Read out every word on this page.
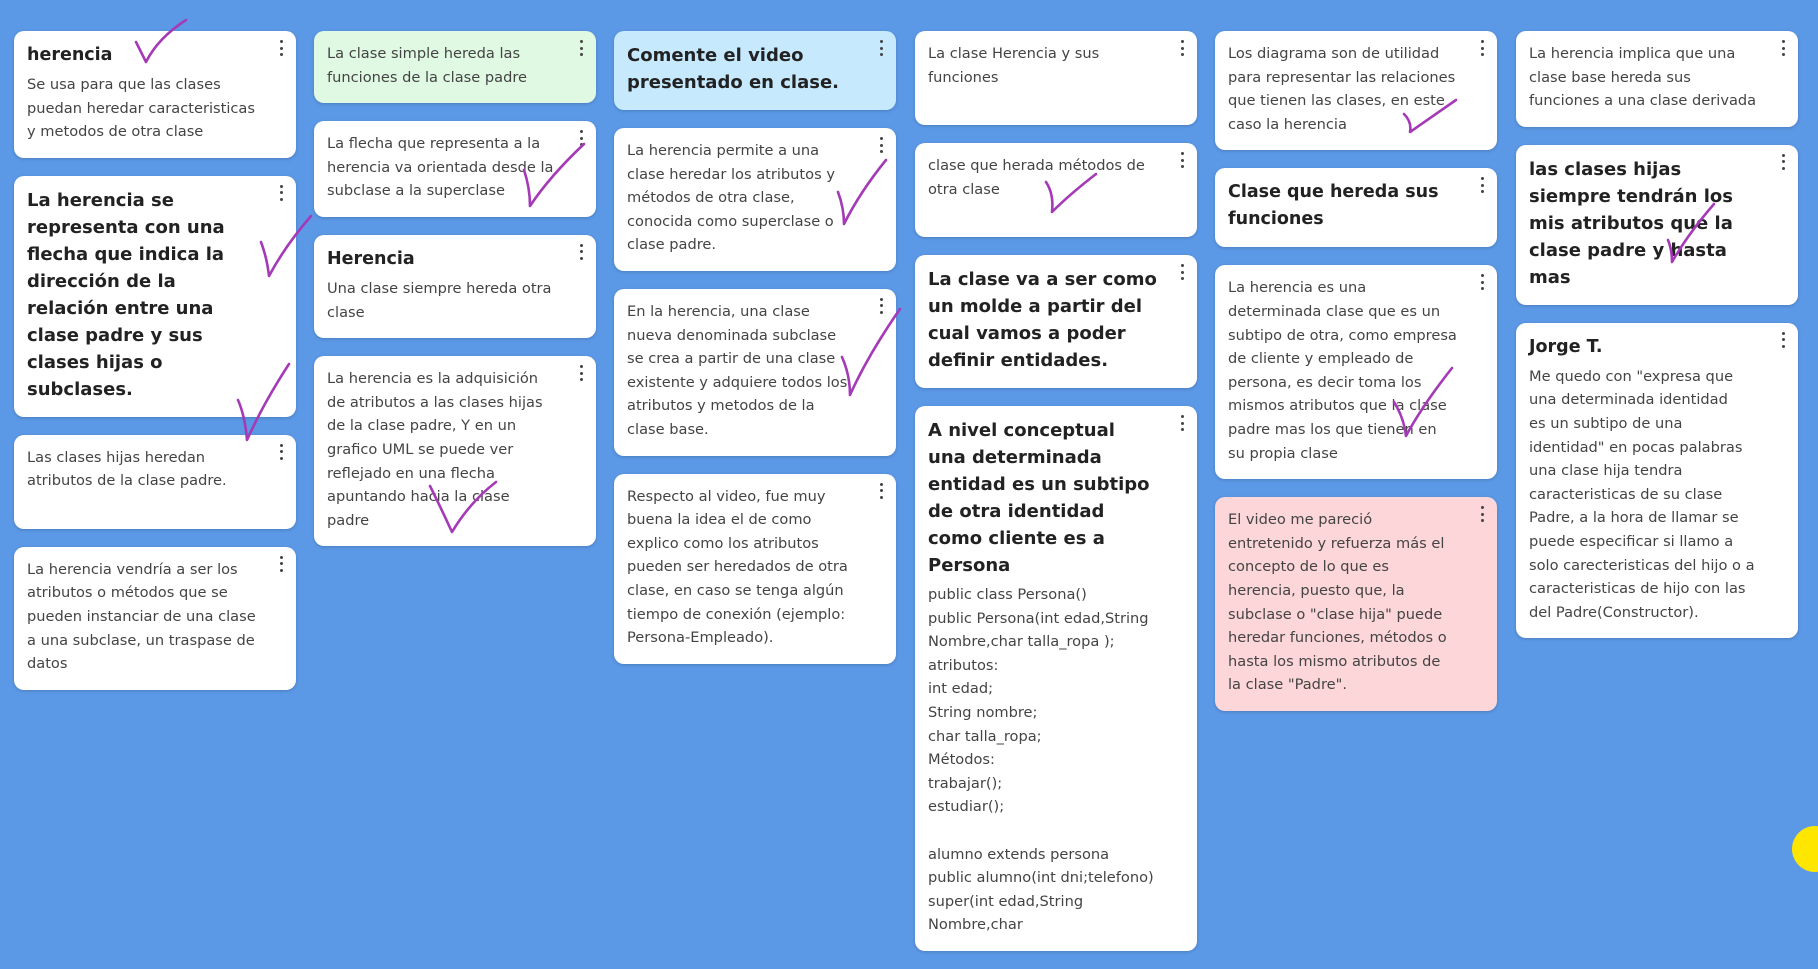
herencia
Se usa para que las clases puedan heredar caracteristicas y metodos de otra clase
La herencia se representa con una flecha que indica la dirección de la relación entre una clase padre y sus clases hijas o subclases.
Las clases hijas heredan atributos de la clase padre.
La herencia vendría a ser los atributos o métodos que se pueden instanciar de una clase a una subclase, un traspase de datos
La clase simple hereda las funciones de la clase padre
La flecha que representa a la herencia va orientada desde la subclase a la superclase
Herencia
Una clase siempre hereda otra clase
La herencia es la adquisición de atributos a las clases hijas de la clase padre, Y en un grafico UML se puede ver reflejado en una flecha apuntando hacia la clase padre
Comente el video presentado en clase.
La herencia permite a una clase heredar los atributos y métodos de otra clase, conocida como superclase o clase padre.
En la herencia, una clase nueva denominada subclase se crea a partir de una clase existente y adquiere todos los atributos y metodos de la clase base.
Respecto al video, fue muy buena la idea el de como explico como los atributos pueden ser heredados de otra clase, en caso se tenga algún tiempo de conexión (ejemplo: Persona-Empleado).
La clase Herencia y sus funciones
clase que herada métodos de otra clase
La clase va a ser como un molde a partir del cual vamos a poder definir entidades.
A nivel conceptual una determinada entidad es un subtipo de otra identidad como cliente es a Persona
public class Persona()
public Persona(int edad,String Nombre,char talla_ropa );
atributos:
int edad;
String nombre;
char talla_ropa;
Métodos:
trabajar();
estudiar();

alumno extends persona
public alumno(int dni;telefono)
super(int edad,String Nombre,char
Los diagrama son de utilidad para representar las relaciones que tienen las clases, en este caso la herencia
Clase que hereda sus funciones
La herencia es una determinada clase que es un subtipo de otra, como empresa de cliente y empleado de persona, es decir toma los mismos atributos que la clase padre mas los que tienen en su propia clase
El video me pareció entretenido y refuerza más el concepto de lo que es herencia, puesto que, la subclase o "clase hija" puede heredar funciones, métodos o hasta los mismo atributos de la clase "Padre".
La herencia implica que una clase base hereda sus funciones a una clase derivada
las clases hijas siempre tendrán los mis atributos que la clase padre y hasta mas
Jorge T.
Me quedo con "expresa que una determinada identidad
es un subtipo de una identidad" en pocas palabras una clase hija tendra caracteristicas de su clase Padre, a la hora de llamar se puede especificar si llamo a solo carecteristicas del hijo o a caracteristicas de hijo con las del Padre(Constructor).
